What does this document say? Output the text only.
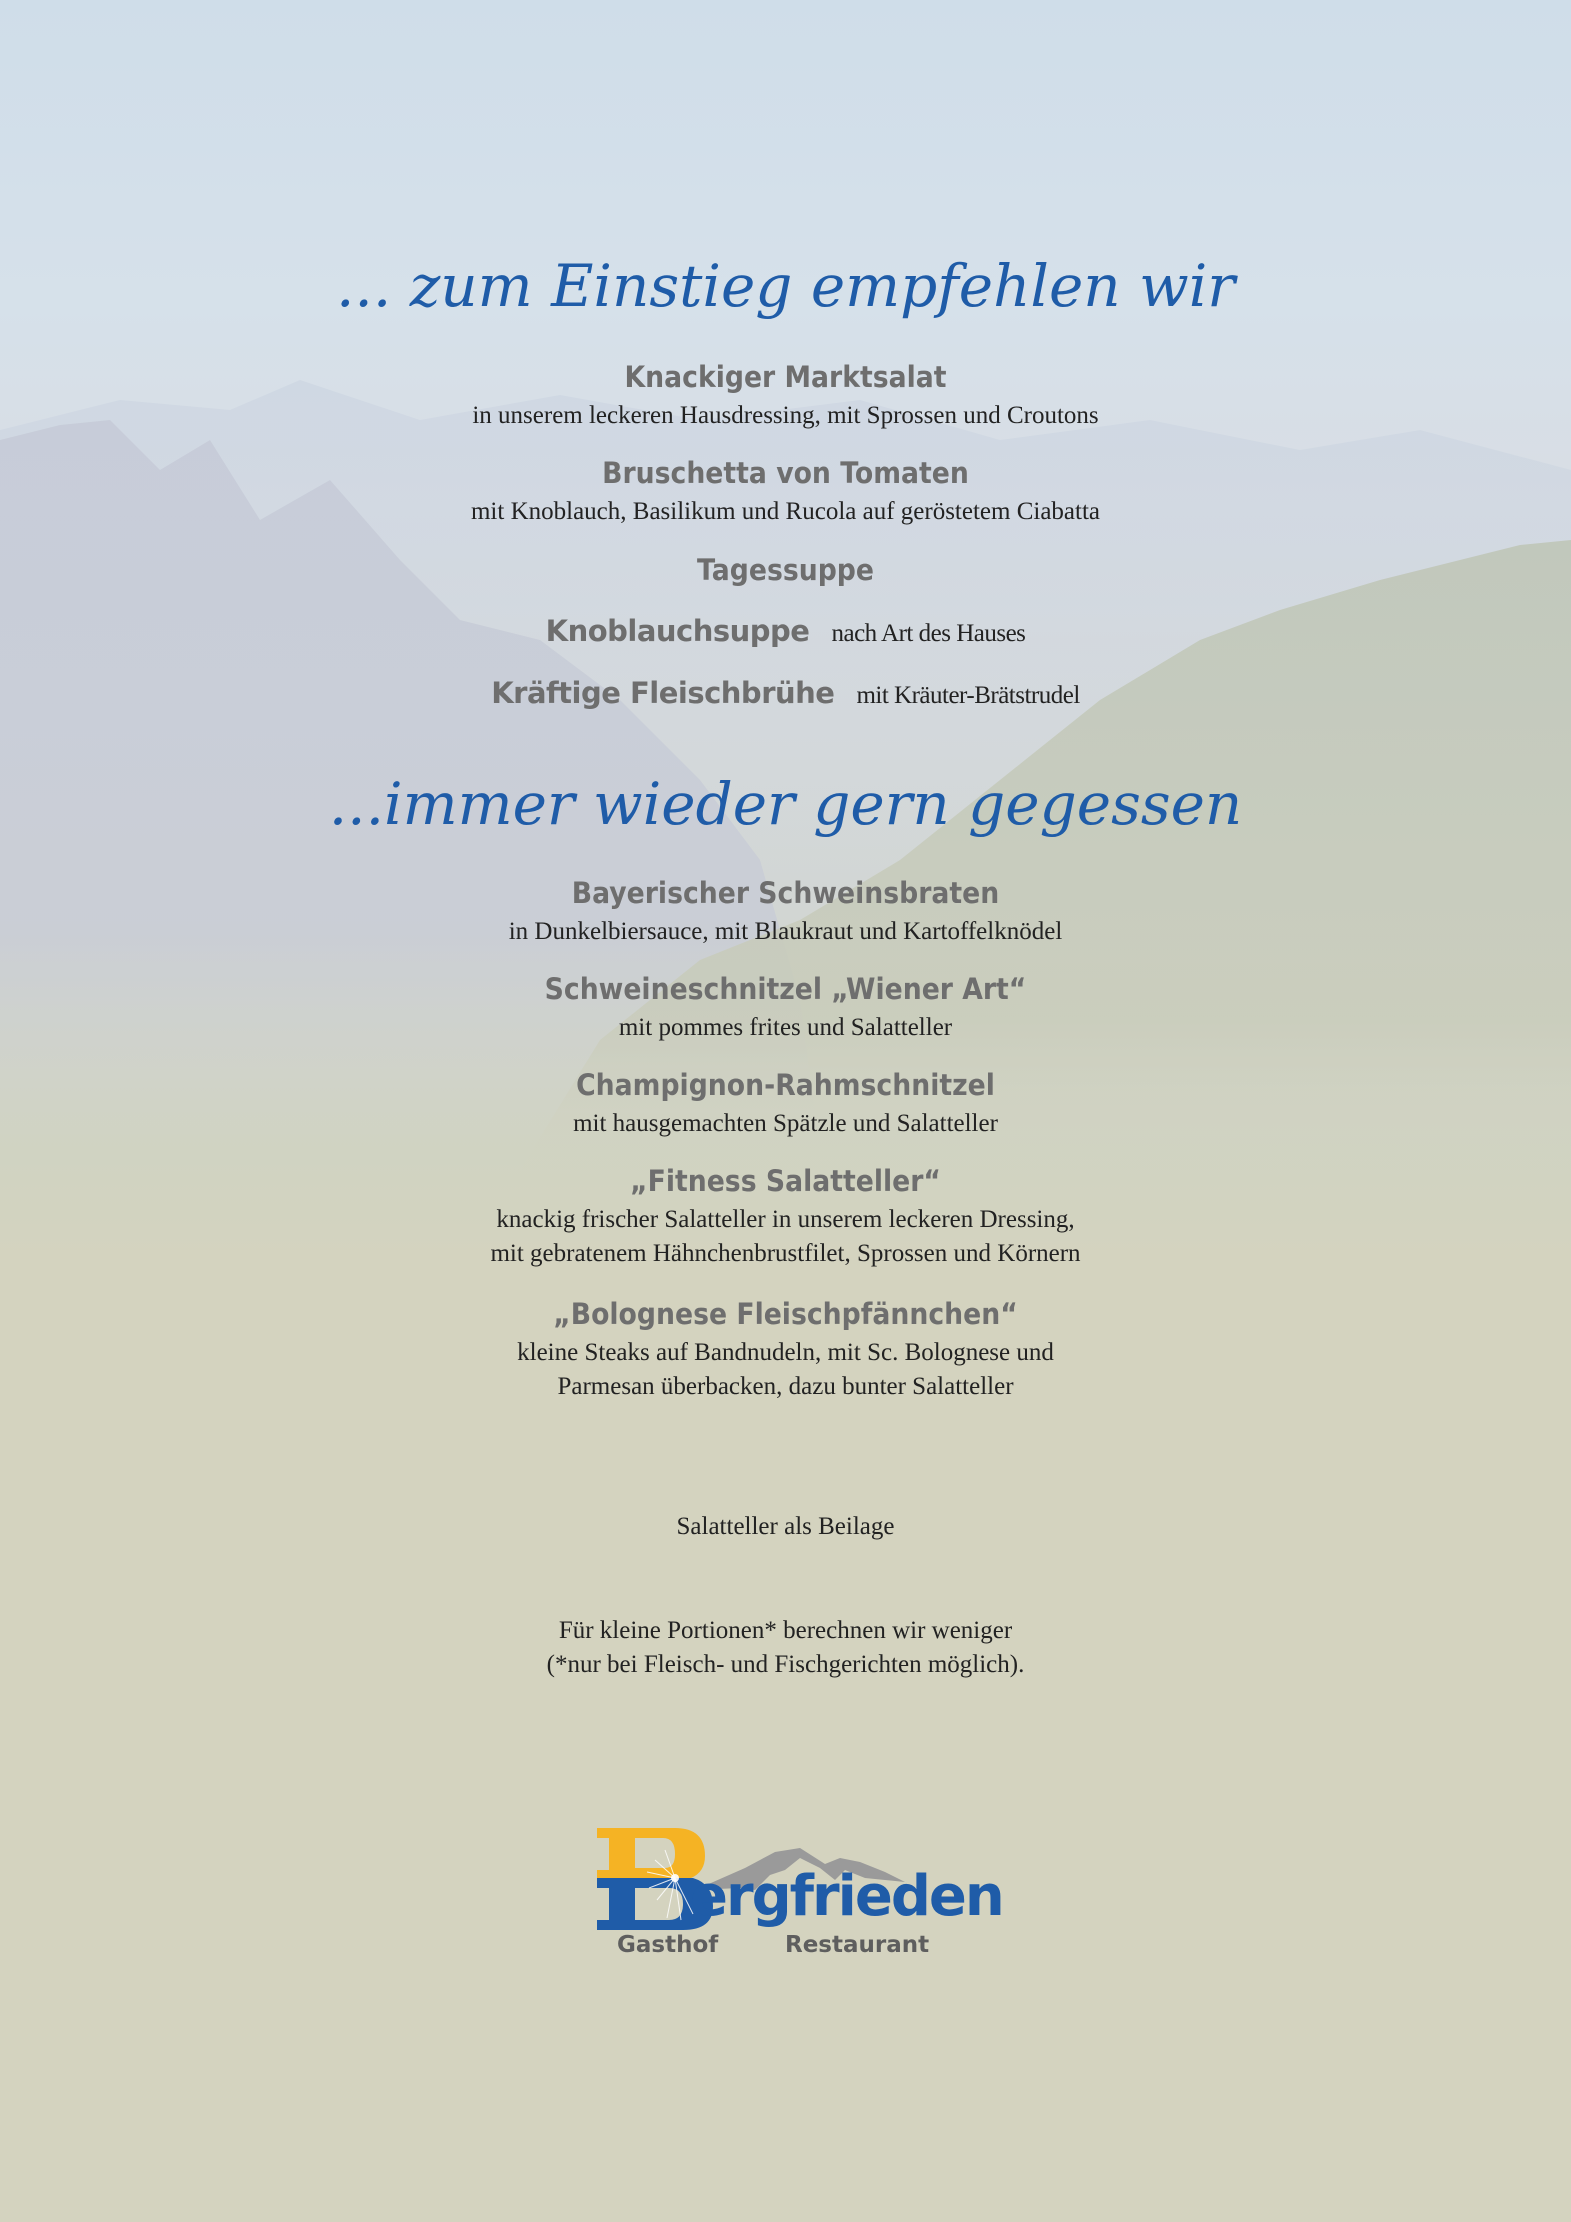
... zum Einstieg empfehlen wir
Knackiger Marktsalat
in unserem leckeren Hausdressing, mit Sprossen und Croutons
Bruschetta von Tomaten
mit Knoblauch, Basilikum und Rucola auf geröstetem Ciabatta
Tagessuppe
Knoblauchsuppe nach Art des Hauses
Kräftige Fleischbrühe mit Kräuter-Brätstrudel
...immer wieder gern gegessen
Bayerischer Schweinsbraten
in Dunkelbiersauce, mit Blaukraut und Kartoffelknödel
Schweineschnitzel „Wiener Art“
mit pommes frites und Salatteller
Champignon-Rahmschnitzel
mit hausgemachten Spätzle und Salatteller
„Fitness Salatteller“
knackig frischer Salatteller in unserem leckeren Dressing,
mit gebratenem Hähnchenbrustfilet, Sprossen und Körnern
„Bolognese Fleischpfännchen“
kleine Steaks auf Bandnudeln, mit Sc. Bolognese und
Parmesan überbacken, dazu bunter Salatteller
Salatteller als Beilage
Für kleine Portionen* berechnen wir weniger
(*nur bei Fleisch- und Fischgerichten möglich).
ergfrieden
Gasthof	Restaurant
